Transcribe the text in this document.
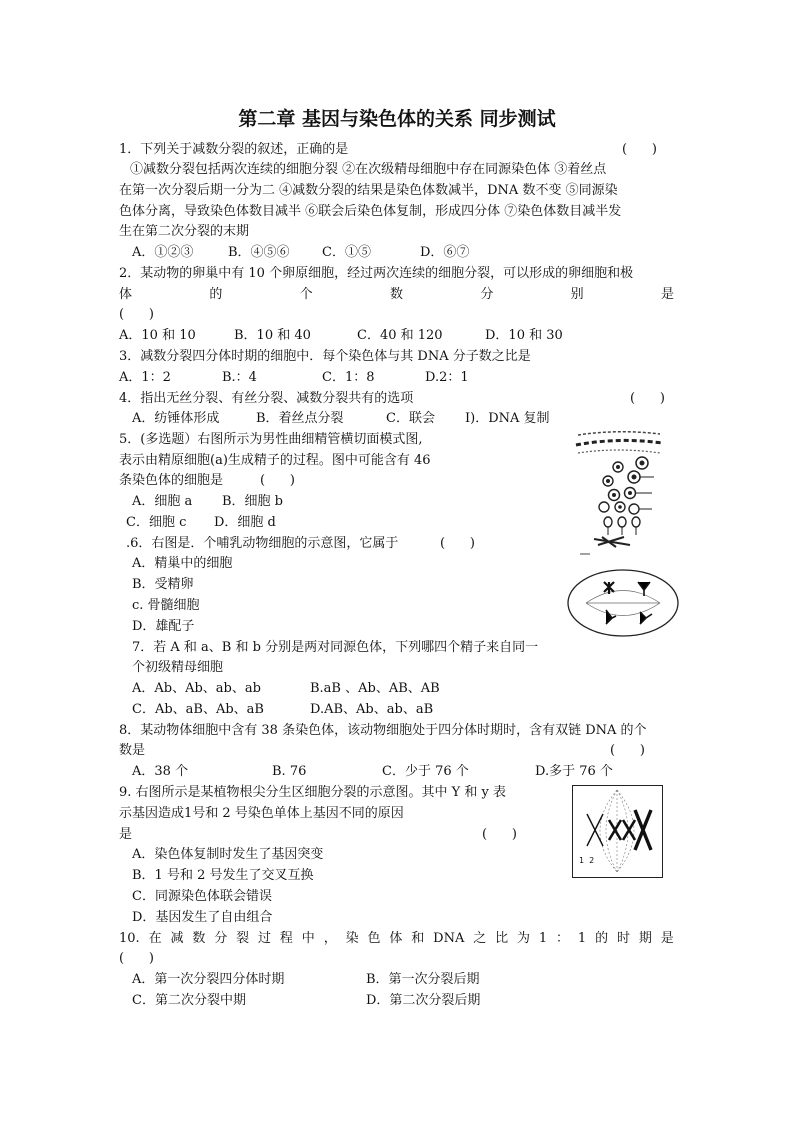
第二章 基因与染色体的关系 同步测试
1．下列关于减数分裂的叙述，正确的是	(      )
①减数分裂包括两次连续的细胞分裂 ②在次级精母细胞中存在同源染色体 ③着丝点
在第一次分裂后期一分为二 ④减数分裂的结果是染色体数减半，DNA 数不变 ⑤同源染
色体分离，导致染色体数目减半 ⑥联会后染色体复制，形成四分体 ⑦染色体数目减半发
生在第二次分裂的末期
A．①②③	B．④⑤⑥ C．①⑤	D．⑥⑦
2．某动物的卵巢中有 10 个卵原细胞，经过两次连续的细胞分裂，可以形成的卵细胞和极
体	的	个	数	分	别	是
(      )
A．10 和 10	B．10 和 40	C．40 和 120	D．10 和 30
3．减数分裂四分体时期的细胞中．每个染色体与其 DNA 分子数之比是
A．1：2	B.：4	C．1：8	D.2：1
4．指出无丝分裂、有丝分裂、减数分裂共有的选项	(      )
A．纺锤体形成	B．着丝点分裂	C．联会 I)．DNA 复制
5．(多选题）右图所示为男性曲细精管横切面模式图,
表示由精原细胞(a)生成精子的过程。图中可能含有 46
条染色体的细胞是	(      )
A．细胞 a B．细胞 b
C．细胞 c D．细胞 d
.6．右图是．个哺乳动物细胞的示意图，它属于	(      )
A．精巢中的细胞
B．受精卵
c. 骨髓细胞
D．雄配子
7．若 A 和 a、B 和 b 分别是两对同源色体，下列哪四个精子来自同一
个初级精母细胞
A．Ab、Ab、ab、ab	B.aB 、Ab、AB、AB
C．Ab、aB、Ab、aB	D.AB、Ab、ab、aB
8．某动物体细胞中含有 38 条染色体，该动物细胞处于四分体时期时，含有双链 DNA 的个
数是	(      )
A．38 个	B. 76	C．少于 76 个	D.多于 76 个
9. 右图所示是某植物根尖分生区细胞分裂的示意图。其中 Y 和 y 表
示基因造成1号和 2 号染色单体上基因不同的原因
是	(      )
A．染色体复制时发生了基因突变
B．1 号和 2 号发生了交叉互换
C．同源染色体联会错误
D．基因发生了自由组合
1  2
10. 在 减 数 分 裂 过 程 中 ， 染 色 体 和 DNA 之 比 为 1 ： 1 的 时 期 是
(      )
A．第一次分裂四分体时期	B．第一次分裂后期
C．第二次分裂中期	D．第二次分裂后期
